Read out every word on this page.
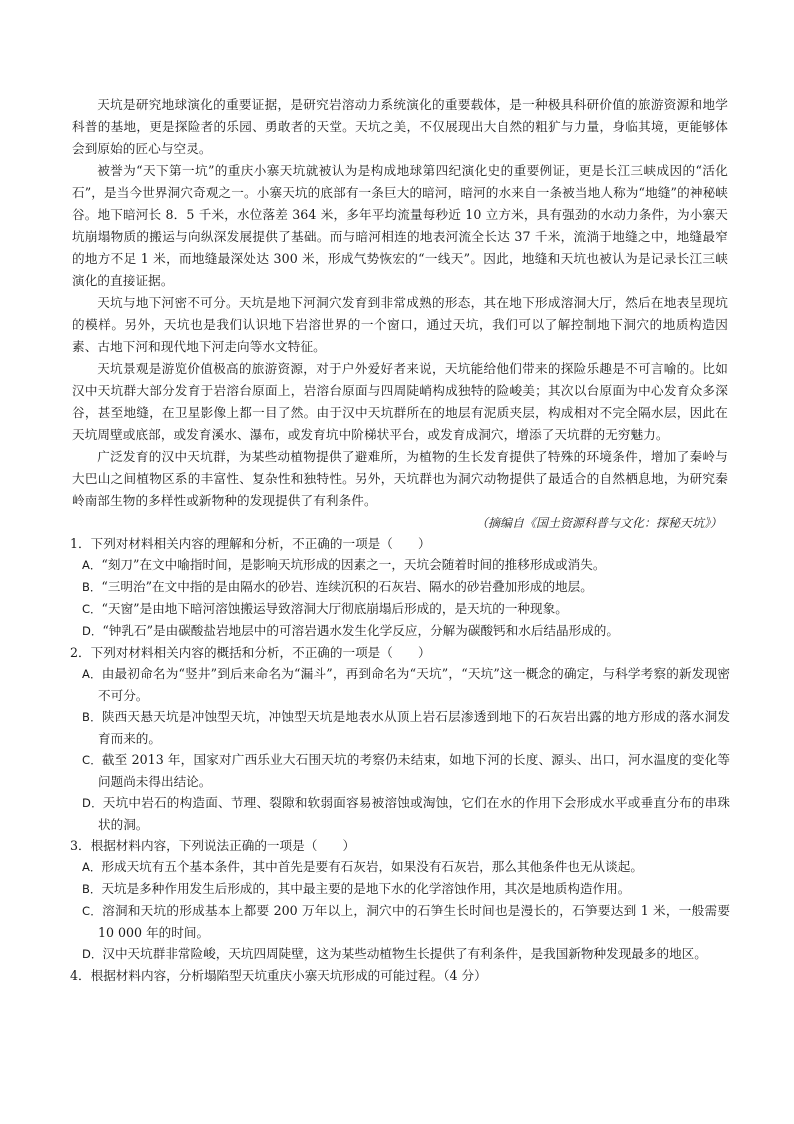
天坑是研究地球演化的重要证据，是研究岩溶动力系统演化的重要载体，是一种极具科研价值的旅游资源和地学科普的基地，更是探险者的乐园、勇敢者的天堂。天坑之美，不仅展现出大自然的粗犷与力量，身临其境，更能够体会到原始的匠心与空灵。

被誉为“天下第一坑”的重庆小寨天坑就被认为是构成地球第四纪演化史的重要例证，更是长江三峡成因的“活化石”，是当今世界洞穴奇观之一。小寨天坑的底部有一条巨大的暗河，暗河的水来自一条被当地人称为“地缝”的神秘峡谷。地下暗河长 8．5 千米，水位落差 364 米，多年平均流量每秒近 10 立方米，具有强劲的水动力条件，为小寨天坑崩塌物质的搬运与向纵深发展提供了基础。而与暗河相连的地表河流全长达 37 千米，流淌于地缝之中，地缝最窄的地方不足 1 米，而地缝最深处达 300 米，形成气势恢宏的“一线天”。因此，地缝和天坑也被认为是记录长江三峡演化的直接证据。

天坑与地下河密不可分。天坑是地下河洞穴发育到非常成熟的形态，其在地下形成溶洞大厅，然后在地表呈现坑的模样。另外，天坑也是我们认识地下岩溶世界的一个窗口，通过天坑，我们可以了解控制地下洞穴的地质构造因素、古地下河和现代地下河走向等水文特征。

天坑景观是游览价值极高的旅游资源，对于户外爱好者来说，天坑能给他们带来的探险乐趣是不可言喻的。比如汉中天坑群大部分发育于岩溶台原面上，岩溶台原面与四周陡峭构成独特的险峻美；其次以台原面为中心发育众多深谷，甚至地缝，在卫星影像上都一目了然。由于汉中天坑群所在的地层有泥质夹层，构成相对不完全隔水层，因此在天坑周壁或底部，或发育溪水、瀑布，或发育坑中阶梯状平台，或发育成洞穴，增添了天坑群的无穷魅力。

广泛发育的汉中天坑群，为某些动植物提供了避难所，为植物的生长发育提供了特殊的环境条件，增加了秦岭与大巴山之间植物区系的丰富性、复杂性和独特性。另外，天坑群也为洞穴动物提供了最适合的自然栖息地，为研究秦岭南部生物的多样性或新物种的发现提供了有利条件。

（摘编自《国土资源科普与文化：探秘天坑》）

1．下列对材料相关内容的理解和分析，不正确的一项是（　　）

A．“刻刀”在文中喻指时间，是影响天坑形成的因素之一，天坑会随着时间的推移形成或消失。
B．“三明治”在文中指的是由隔水的砂岩、连续沉积的石灰岩、隔水的砂岩叠加形成的地层。
C．“天窗”是由地下暗河溶蚀搬运导致溶洞大厅彻底崩塌后形成的，是天坑的一种现象。
D．“钟乳石”是由碳酸盐岩地层中的可溶岩遇水发生化学反应，分解为碳酸钙和水后结晶形成的。

2．下列对材料相关内容的概括和分析，不正确的一项是（　　）

A．由最初命名为“竖井”到后来命名为“漏斗”，再到命名为“天坑”，“天坑”这一概念的确定，与科学考察的新发现密不可分。
B．陕西天悬天坑是冲蚀型天坑，冲蚀型天坑是地表水从顶上岩石层渗透到地下的石灰岩出露的地方形成的落水洞发育而来的。
C．截至 2013 年，国家对广西乐业大石围天坑的考察仍未结束，如地下河的长度、源头、出口，河水温度的变化等问题尚未得出结论。
D．天坑中岩石的构造面、节理、裂隙和软弱面容易被溶蚀或淘蚀，它们在水的作用下会形成水平或垂直分布的串珠状的洞。

3．根据材料内容，下列说法正确的一项是（　　）

A．形成天坑有五个基本条件，其中首先是要有石灰岩，如果没有石灰岩，那么其他条件也无从谈起。
B．天坑是多种作用发生后形成的，其中最主要的是地下水的化学溶蚀作用，其次是地质构造作用。
C．溶洞和天坑的形成基本上都要 200 万年以上，洞穴中的石笋生长时间也是漫长的，石笋要达到 1 米，一般需要 10 000 年的时间。
D．汉中天坑群非常险峻，天坑四周陡壁，这为某些动植物生长提供了有利条件，是我国新物种发现最多的地区。

4．根据材料内容，分析塌陷型天坑重庆小寨天坑形成的可能过程。（4 分）
